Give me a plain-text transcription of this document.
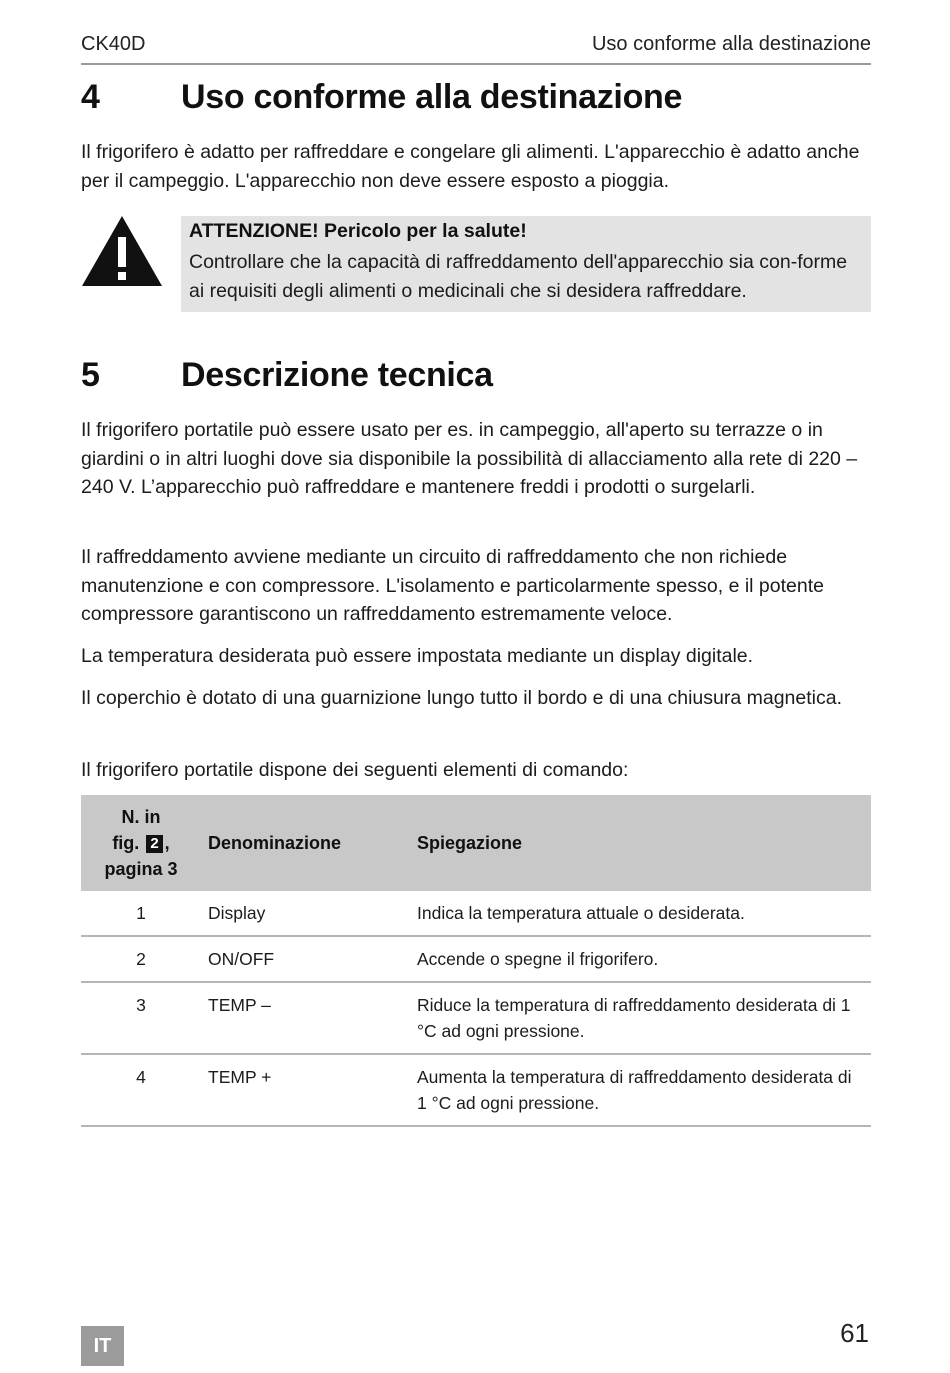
CK40D	Uso conforme alla destinazione
4 Uso conforme alla destinazione
Il frigorifero è adatto per raffreddare e congelare gli alimenti. L'apparecchio è adatto anche per il campeggio. L'apparecchio non deve essere esposto a pioggia.
ATTENZIONE! Pericolo per la salute!
Controllare che la capacità di raffreddamento dell'apparecchio sia con-forme ai requisiti degli alimenti o medicinali che si desidera raffreddare.
5 Descrizione tecnica
Il frigorifero portatile può essere usato per es. in campeggio, all'aperto su terrazze o in giardini o in altri luoghi dove sia disponibile la possibilità di allacciamento alla rete di 220 – 240 V. L’apparecchio può raffreddare e mantenere freddi i prodotti o surgelarli.
Il raffreddamento avviene mediante un circuito di raffreddamento che non richiede manutenzione e con compressore. L'isolamento e particolarmente spesso, e il potente compressore garantiscono un raffreddamento estremamente veloce.
La temperatura desiderata può essere impostata mediante un display digitale.
Il coperchio è dotato di una guarnizione lungo tutto il bordo e di una chiusura magnetica.
Il frigorifero portatile dispone dei seguenti elementi di comando:
N. in
fig. 2 ,
pagina 3	Denominazione	Spiegazione
1	Display	Indica la temperatura attuale o desiderata.
2	ON/OFF	Accende o spegne il frigorifero.
3	TEMP –	Riduce la temperatura di raffreddamento desiderata di 1 °C ad ogni pressione.
4	TEMP +	Aumenta la temperatura di raffreddamento desiderata di 1 °C ad ogni pressione.
IT	61
